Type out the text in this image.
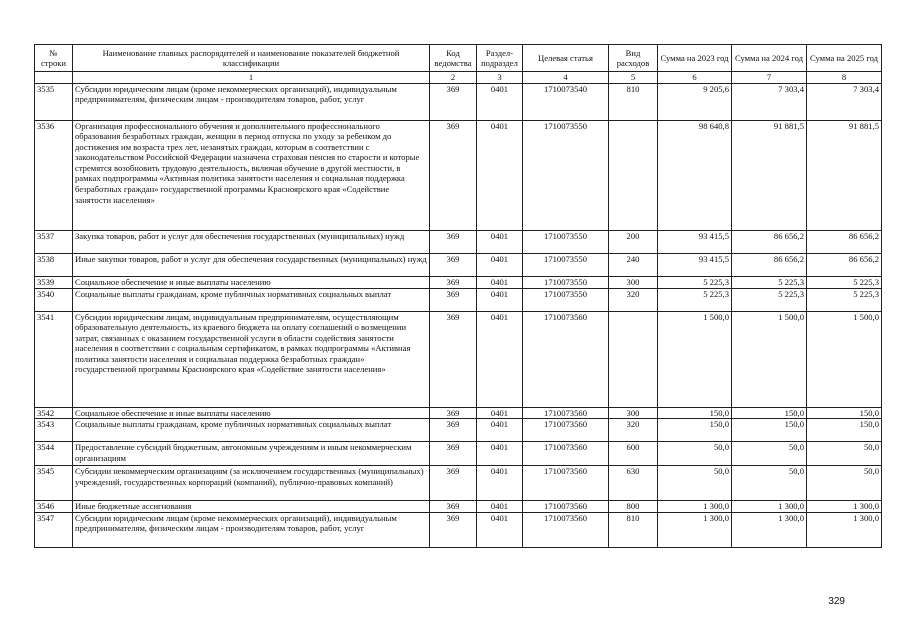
№ строки	Наименование главных распорядителей и наименование показателей бюджетной классификации	Код ведомства	Раздел-подраздел	Целевая статья	Вид расходов	Сумма на 2023 год	Сумма на 2024 год	Сумма на 2025 год
	1	2	3	4	5	6	7	8
3535	Субсидии юридическим лицам (кроме некоммерческих организаций), индивидуальным предпринимателям, физическим лицам - производителям товаров, работ, услуг	369	0401	1710073540	810	9 205,6	7 303,4	7 303,4
3536	Организация профессионального обучения и дополнительного профессионального образования безработных граждан, женщин в период отпуска по уходу за ребенком до достижения им возраста трех лет, незанятых граждан, которым в соответствии с законодательством Российской Федерации назначена страховая пенсия по старости и которые стремятся возобновить трудовую деятельность, включая обучение в другой местности, в рамках подпрограммы «Активная политика занятости населения и социальная поддержка безработных граждан» государственной программы Красноярского края «Содействие занятости населения»	369	0401	1710073550		98 640,8	91 881,5	91 881,5
3537	Закупка товаров, работ и услуг для обеспечения государственных (муниципальных) нужд	369	0401	1710073550	200	93 415,5	86 656,2	86 656,2
3538	Иные закупки товаров, работ и услуг для обеспечения государственных (муниципальных) нужд	369	0401	1710073550	240	93 415,5	86 656,2	86 656,2
3539	Социальное обеспечение и иные выплаты населению	369	0401	1710073550	300	5 225,3	5 225,3	5 225,3
3540	Социальные выплаты гражданам, кроме публичных нормативных социальных выплат	369	0401	1710073550	320	5 225,3	5 225,3	5 225,3
3541	Субсидии юридическим лицам, индивидуальным предпринимателям, осуществляющим образовательную деятельность, из краевого бюджета на оплату соглашений о возмещении затрат, связанных с оказанием государственной услуги в области содействия занятости населения в соответствии с социальным сертификатом, в рамках подпрограммы «Активная политика занятости населения и социальная поддержка безработных граждан» государственной программы Красноярского края «Содействие занятости населения»	369	0401	1710073560		1 500,0	1 500,0	1 500,0
3542	Социальное обеспечение и иные выплаты населению	369	0401	1710073560	300	150,0	150,0	150,0
3543	Социальные выплаты гражданам, кроме публичных нормативных социальных выплат	369	0401	1710073560	320	150,0	150,0	150,0
3544	Предоставление субсидий бюджетным, автономным учреждениям и иным некоммерческим организациям	369	0401	1710073560	600	50,0	50,0	50,0
3545	Субсидии некоммерческим организациям (за исключением государственных (муниципальных) учреждений, государственных корпораций (компаний), публично-правовых компаний)	369	0401	1710073560	630	50,0	50,0	50,0
3546	Иные бюджетные ассигнования	369	0401	1710073560	800	1 300,0	1 300,0	1 300,0
3547	Субсидии юридическим лицам (кроме некоммерческих организаций), индивидуальным предпринимателям, физическим лицам - производителям товаров, работ, услуг	369	0401	1710073560	810	1 300,0	1 300,0	1 300,0
329
